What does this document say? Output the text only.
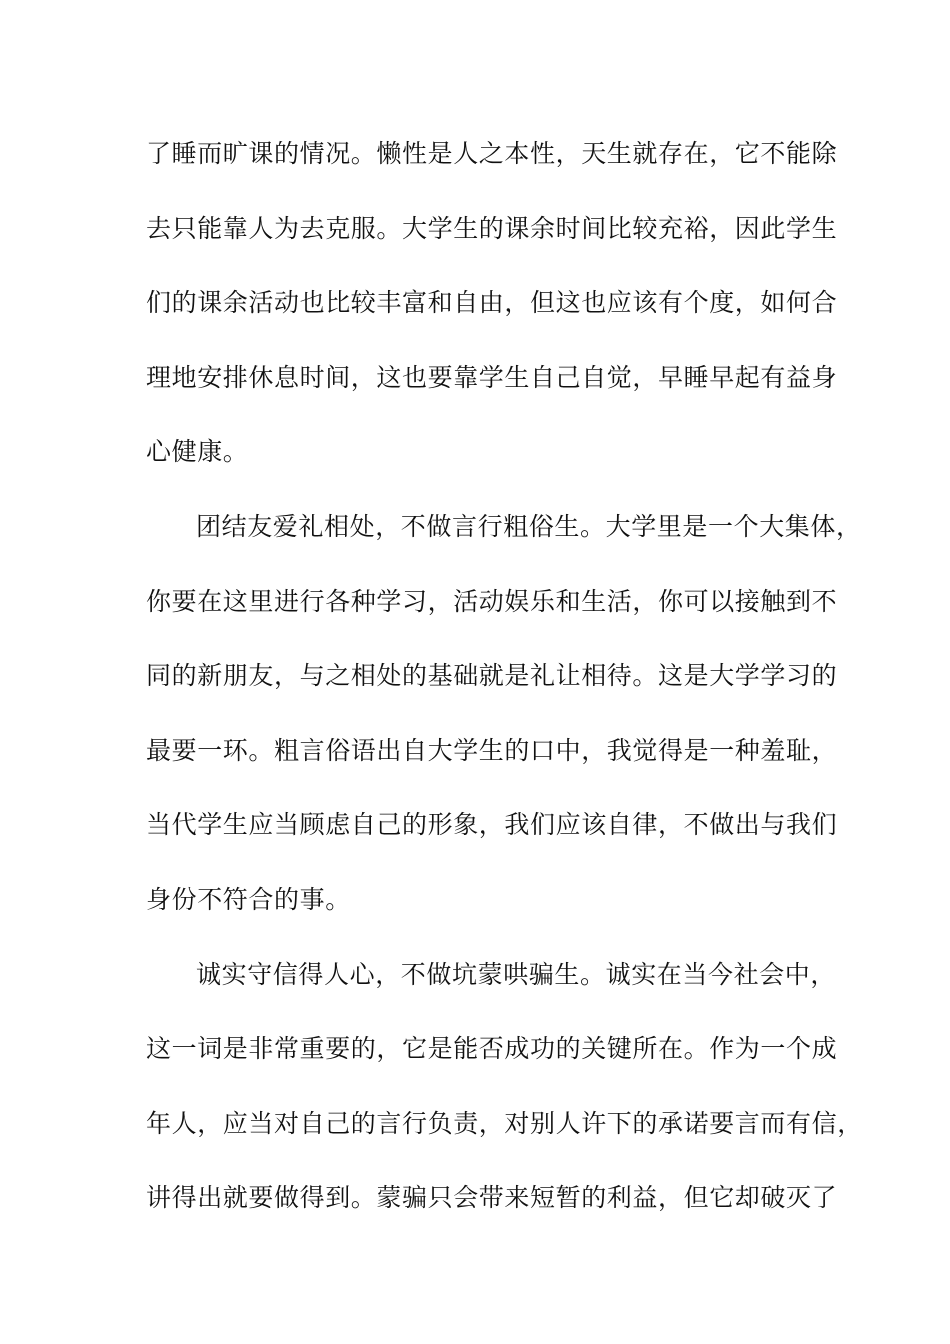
了睡而旷课的情况。懒性是人之本性，天生就存在，它不能除
去只能靠人为去克服。大学生的课余时间比较充裕，因此学生
们的课余活动也比较丰富和自由，但这也应该有个度，如何合
理地安排休息时间，这也要靠学生自己自觉，早睡早起有益身
心健康。
团结友爱礼相处，不做言行粗俗生。大学里是一个大集体，
你要在这里进行各种学习，活动娱乐和生活，你可以接触到不
同的新朋友，与之相处的基础就是礼让相待。这是大学学习的
最要一环。粗言俗语出自大学生的口中，我觉得是一种羞耻，
当代学生应当顾虑自己的形象，我们应该自律，不做出与我们
身份不符合的事。
诚实守信得人心，不做坑蒙哄骗生。诚实在当今社会中，
这一词是非常重要的，它是能否成功的关键所在。作为一个成
年人，应当对自己的言行负责，对别人许下的承诺要言而有信，
讲得出就要做得到。蒙骗只会带来短暂的利益，但它却破灭了
